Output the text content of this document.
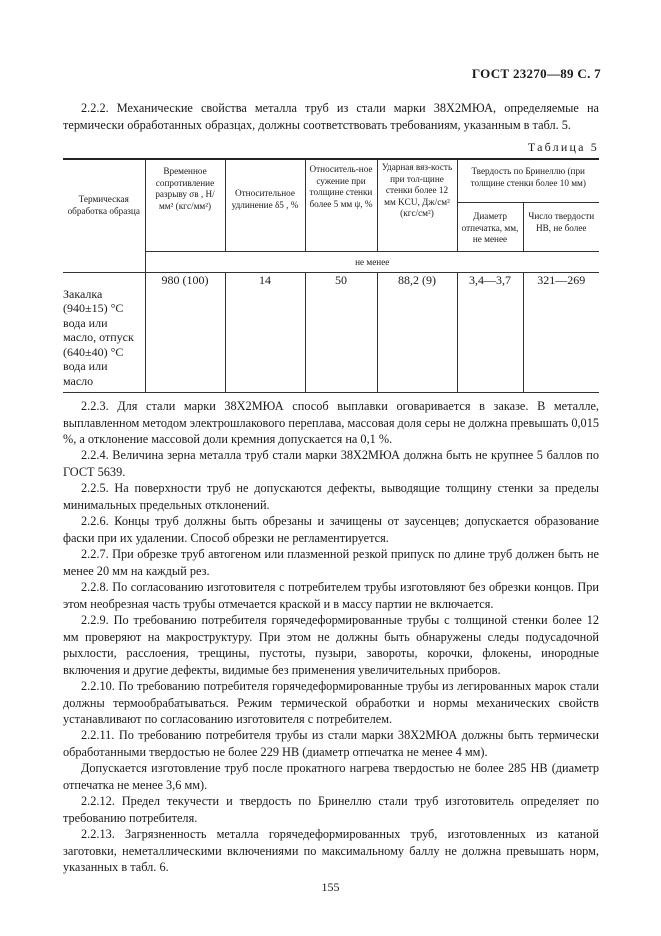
ГОСТ 23270—89 С. 7
2.2.2. Механические свойства металла труб из стали марки 38Х2МЮА, определяемые на термически обработанных образцах, должны соответствовать требованиям, указанным в табл. 5.
Таблица 5
Термическая обработка образца	Временное сопротивление разрыву σв , Н/мм² (кгс/мм²)	Относительное удлинение δ5 , %	Относитель-ное сужение при толщине стенки более 5 мм ψ, %	Ударная вяз-кость при тол-щине стенки более 12 мм KCU, Дж/см² (кгс/см²)	Твердость по Бринеллю (при толщине стенки более 10 мм)	
					Диаметр отпечатка, мм, не менее	Число твердости НВ, не более
	не менее					
Закалка (940±15) °С вода или масло, отпуск (640±40) °С вода или масло	980 (100)	14	50	88,2 (9)	3,4—3,7	321—269
2.2.3. Для стали марки 38Х2МЮА способ выплавки оговаривается в заказе. В металле, выплавленном методом электрошлакового переплава, массовая доля серы не должна превышать 0,015 %, а отклонение массовой доли кремния допускается на 0,1 %.
2.2.4. Величина зерна металла труб стали марки 38Х2МЮА должна быть не крупнее 5 баллов по ГОСТ 5639.
2.2.5. На поверхности труб не допускаются дефекты, выводящие толщину стенки за пределы минимальных предельных отклонений.
2.2.6. Концы труб должны быть обрезаны и зачищены от заусенцев; допускается образование фаски при их удалении. Способ обрезки не регламентируется.
2.2.7. При обрезке труб автогеном или плазменной резкой припуск по длине труб должен быть не менее 20 мм на каждый рез.
2.2.8. По согласованию изготовителя с потребителем трубы изготовляют без обрезки концов. При этом необрезная часть трубы отмечается краской и в массу партии не включается.
2.2.9. По требованию потребителя горячедеформированные трубы с толщиной стенки более 12 мм проверяют на макроструктуру. При этом не должны быть обнаружены следы подусадочной рыхлости, расслоения, трещины, пустоты, пузыри, завороты, корочки, флокены, инородные включения и другие дефекты, видимые без применения увеличительных приборов.
2.2.10. По требованию потребителя горячедеформированные трубы из легированных марок стали должны термообрабатываться. Режим термической обработки и нормы механических свойств устанавливают по согласованию изготовителя с потребителем.
2.2.11. По требованию потребителя трубы из стали марки 38Х2МЮА должны быть термически обработанными твердостью не более 229 НВ (диаметр отпечатка не менее 4 мм).
Допускается изготовление труб после прокатного нагрева твердостью не более 285 НВ (диаметр отпечатка не менее 3,6 мм).
2.2.12. Предел текучести и твердость по Бринеллю стали труб изготовитель определяет по требованию потребителя.
2.2.13. Загрязненность металла горячедеформированных труб, изготовленных из катаной заготовки, неметаллическими включениями по максимальному баллу не должна превышать норм, указанных в табл. 6.
155
